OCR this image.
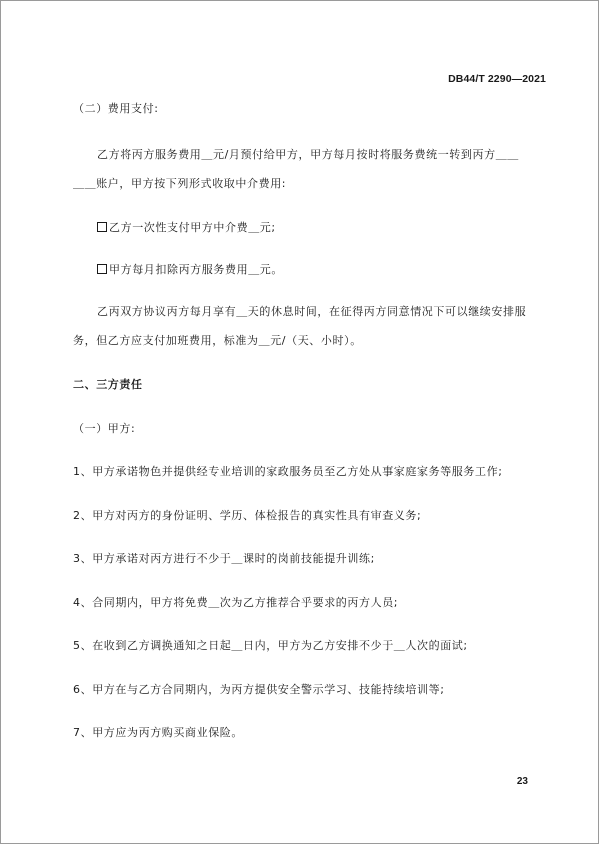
DB44/T 2290—2021
（二）费用支付:
乙方将丙方服务费用＿元/月预付给甲方，甲方每月按时将服务费统一转到丙方＿＿
＿＿账户，甲方按下列形式收取中介费用:
乙方一次性支付甲方中介费＿元;
甲方每月扣除丙方服务费用＿元。
乙丙双方协议丙方每月享有＿天的休息时间，在征得丙方同意情况下可以继续安排服
务，但乙方应支付加班费用，标准为＿元/（天、小时）。
二、三方责任
（一）甲方:
1、甲方承诺物色并提供经专业培训的家政服务员至乙方处从事家庭家务等服务工作;
2、甲方对丙方的身份证明、学历、体检报告的真实性具有审查义务;
3、甲方承诺对丙方进行不少于＿课时的岗前技能提升训练;
4、合同期内，甲方将免费＿次为乙方推荐合乎要求的丙方人员;
5、在收到乙方调换通知之日起＿日内，甲方为乙方安排不少于＿人次的面试;
6、甲方在与乙方合同期内，为丙方提供安全警示学习、技能持续培训等;
7、甲方应为丙方购买商业保险。
23
